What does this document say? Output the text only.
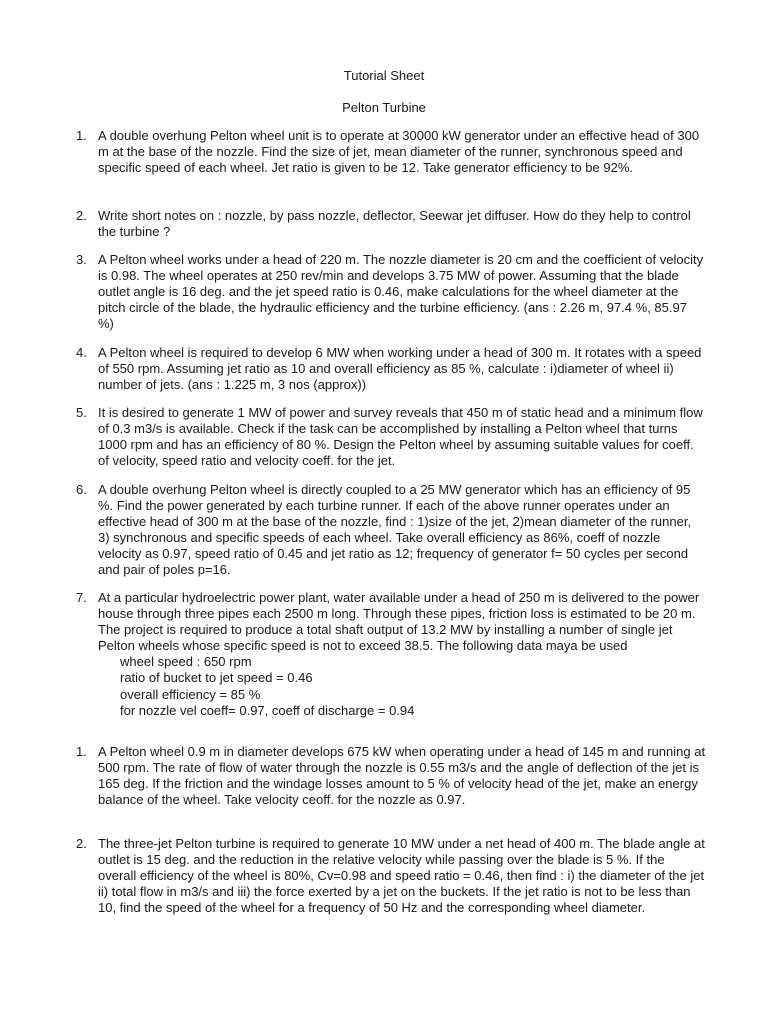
Tutorial Sheet
Pelton Turbine
1. A double overhung Pelton wheel unit is to operate at 30000 kW generator under an effective head of 300 m at the base of the nozzle. Find the size of jet, mean diameter of the runner, synchronous speed and specific speed of each wheel. Jet ratio is given to be 12. Take generator efficiency to be 92%.
2. Write short notes on : nozzle, by pass nozzle, deflector, Seewar jet diffuser. How do they help to control the turbine ?
3. A Pelton wheel works under a head of 220 m. The nozzle diameter is 20 cm and the coefficient of velocity is 0.98. The wheel operates at 250 rev/min and develops 3.75 MW of power. Assuming that the blade outlet angle is 16 deg. and the jet speed ratio is 0.46, make calculations for the wheel diameter at the pitch circle of the blade, the hydraulic efficiency and the turbine efficiency. (ans : 2.26 m, 97.4 %, 85.97 %)
4. A Pelton wheel is required to develop 6 MW when working under a head of 300 m. It rotates with a speed of 550 rpm. Assuming jet ratio as 10 and overall efficiency as 85 %, calculate : i)diameter of wheel ii) number of jets. (ans : 1.225 m, 3 nos (approx))
5. It is desired to generate 1 MW of power and survey reveals that 450 m of static head and a minimum flow of 0.3 m3/s is available. Check if the task can be accomplished by installing a Pelton wheel that turns 1000 rpm and has an efficiency of 80 %. Design the Pelton wheel by assuming suitable values for coeff. of velocity, speed ratio and velocity coeff. for the jet.
6. A double overhung Pelton wheel is directly coupled to a 25 MW generator which has an efficiency of 95 %. Find the power generated by each turbine runner. If each of the above runner operates under an effective head of 300 m at the base of the nozzle, find : 1)size of the jet, 2)mean diameter of the runner, 3) synchronous and specific speeds of each wheel. Take overall efficiency as 86%, coeff of nozzle velocity as 0.97, speed ratio of 0.45 and jet ratio as 12; frequency of generator f= 50 cycles per second and pair of poles p=16.
7. At a particular hydroelectric power plant, water available under a head of 250 m is delivered to the power house through three pipes each 2500 m long. Through these pipes, friction loss is estimated to be 20 m. The project is required to produce a total shaft output of 13.2 MW by installing a number of single jet Pelton wheels whose specific speed is not to exceed 38.5. The following data maya be used
wheel speed : 650 rpm
ratio of bucket to jet speed = 0.46
overall efficiency = 85 %
for nozzle vel coeff= 0.97, coeff of discharge = 0.94
1. A Pelton wheel 0.9 m in diameter develops 675 kW when operating under a head of 145 m and running at 500 rpm. The rate of flow of water through the nozzle is 0.55 m3/s and the angle of deflection of the jet is 165 deg. If the friction and the windage losses amount to 5 % of velocity head of the jet, make an energy balance of the wheel. Take velocity ceoff. for the nozzle as 0.97.
2. The three-jet Pelton turbine is required to generate 10 MW under a net head of 400 m. The blade angle at outlet is 15 deg. and the reduction in the relative velocity while passing over the blade is 5 %. If the overall efficiency of the wheel is 80%, Cv=0.98 and speed ratio = 0.46, then find : i) the diameter of the jet ii) total flow in m3/s and iii) the force exerted by a jet on the buckets. If the jet ratio is not to be less than 10, find the speed of the wheel for a frequency of 50 Hz and the corresponding wheel diameter.
